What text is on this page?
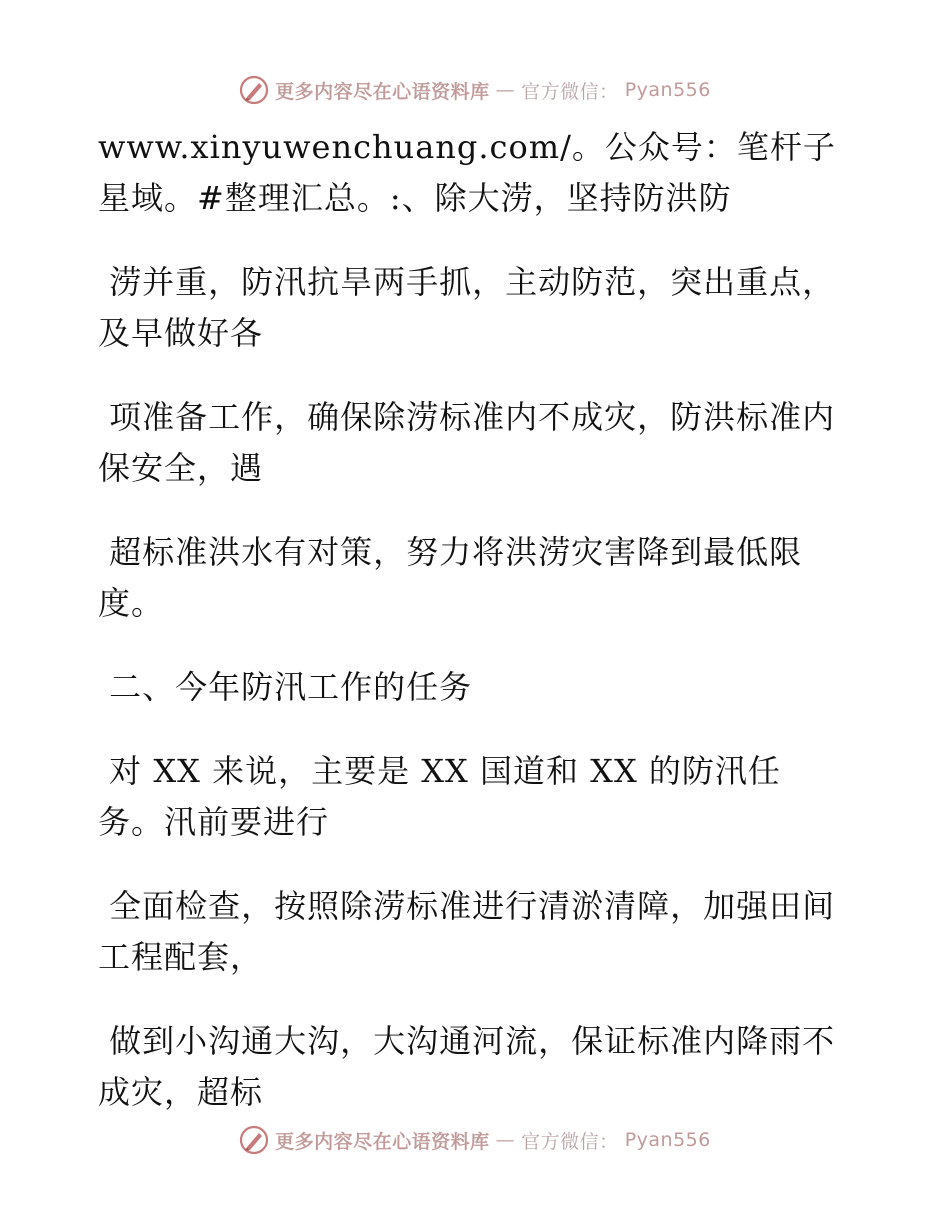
更多内容尽在心语资料库 — 官方微信： Pyan556

www.xinyuwenchuang.com/。公众号：笔杆子星域。#整理汇总。:、除大涝，坚持防洪防

涝并重，防汛抗旱两手抓，主动防范，突出重点，及早做好各

项准备工作，确保除涝标准内不成灾，防洪标准内保安全，遇

超标准洪水有对策，努力将洪涝灾害降到最低限度。

二、今年防汛工作的任务

对 XX 来说，主要是 XX 国道和 XX 的防汛任务。汛前要进行

全面检查，按照除涝标准进行清淤清障，加强田间工程配套，

做到小沟通大沟，大沟通河流，保证标准内降雨不成灾，超标

更多内容尽在心语资料库 — 官方微信： Pyan556
